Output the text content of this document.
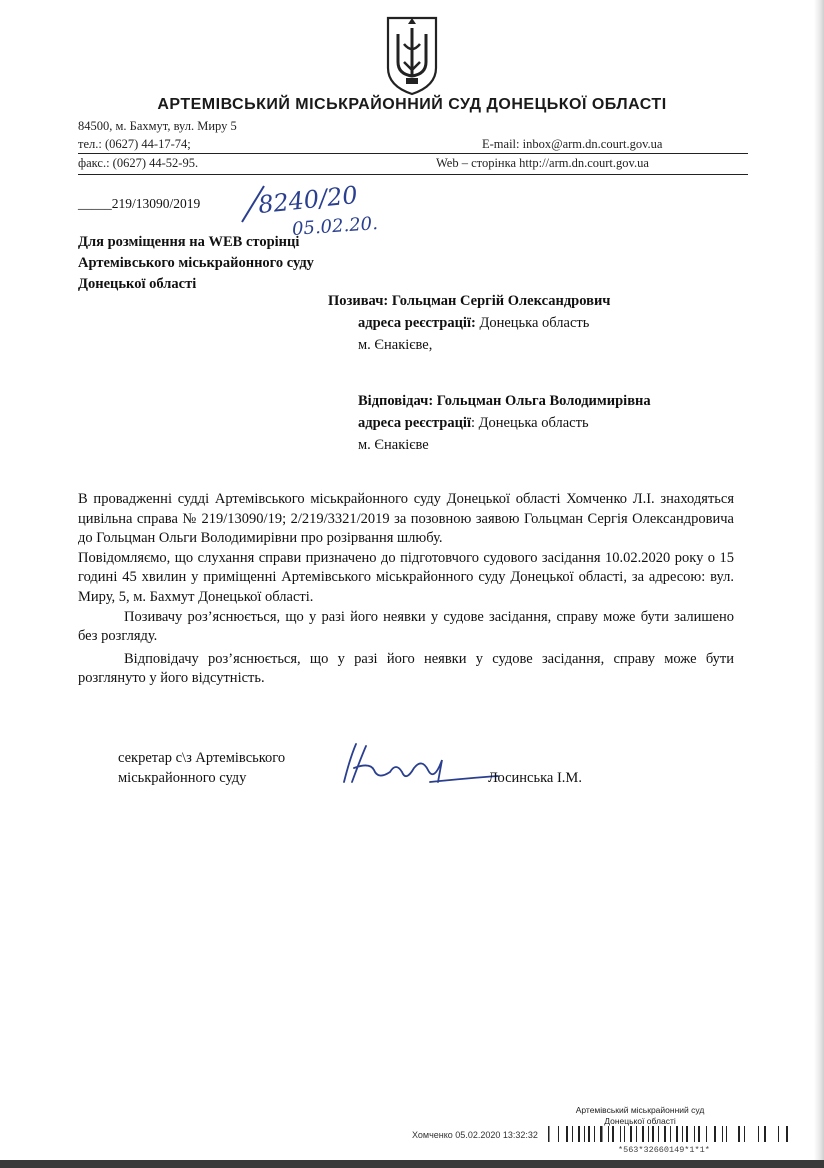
АРТЕМІВСЬКИЙ МІСЬКРАЙОННИЙ СУД ДОНЕЦЬКОЇ ОБЛАСТІ
84500, м. Бахмут, вул. Миру 5
тел.: (0627) 44-17-74;	E-mail: inbox@arm.dn.court.gov.ua
факс.: (0627) 44-52-95.	Web – сторінка http://arm.dn.court.gov.ua
_____219/13090/2019 8240/20
05.02.20.
Для розміщення на WEB сторінці
Артемівського міськрайонного суду
Донецької області
Позивач: Гольцман Сергій Олександрович
адреса реєстрації: Донецька область
м. Єнакієве,
Відповідач: Гольцман Ольга Володимирівна
адреса реєстрації: Донецька область
м. Єнакієве

В провадженні судді Артемівського міськрайонного суду Донецької області Хомченко Л.І. знаходяться цивільна справа № 219/13090/19; 2/219/3321/2019 за позовною заявою Гольцман Сергія Олександровича до Гольцман Ольги Володимирівни про розірвання шлюбу.

Повідомляємо, що слухання справи призначено до підготовчого судового засідання 10.02.2020 року о 15 годині 45 хвилин у приміщенні Артемівського міськрайонного суду Донецької області, за адресою: вул. Миру, 5, м. Бахмут Донецької області.

Позивачу роз’яснюється, що у разі його неявки у судове засідання, справу може бути залишено без розгляду.

Відповідачу роз’яснюється, що у разі його неявки у судове засідання, справу може бути розглянуто у його відсутність.

секретар с\з Артемівського
міськрайонного суду	Лосинська І.М.
Артемівський міськрайонний суд
Донецької області
Хомченко 05.02.2020 13:32:32
*563*32660149*1*1*
